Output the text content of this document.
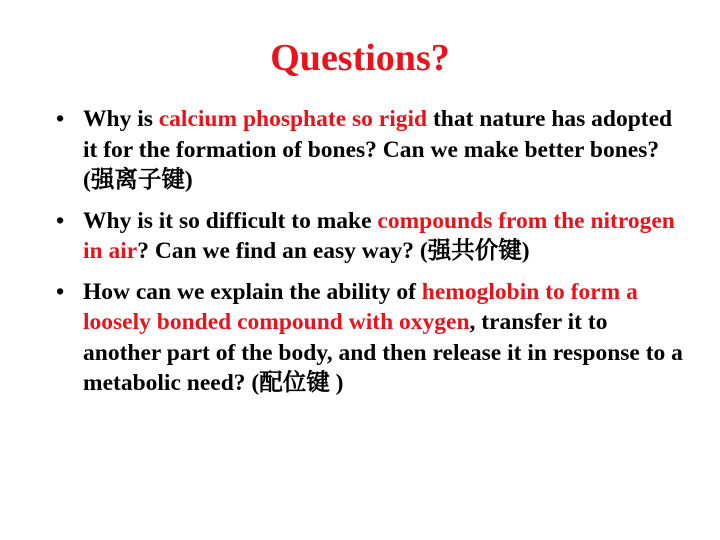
Questions?
• Why is calcium phosphate so rigid that nature has adopted it for the formation of bones? Can we make better bones? (强离子键)
• Why is it so difficult to make compounds from the nitrogen in air? Can we find an easy way? (强共价键)
• How can we explain the ability of hemoglobin to form a loosely bonded compound with oxygen, transfer it to another part of the body, and then release it in response to a metabolic need? (配位键 )
